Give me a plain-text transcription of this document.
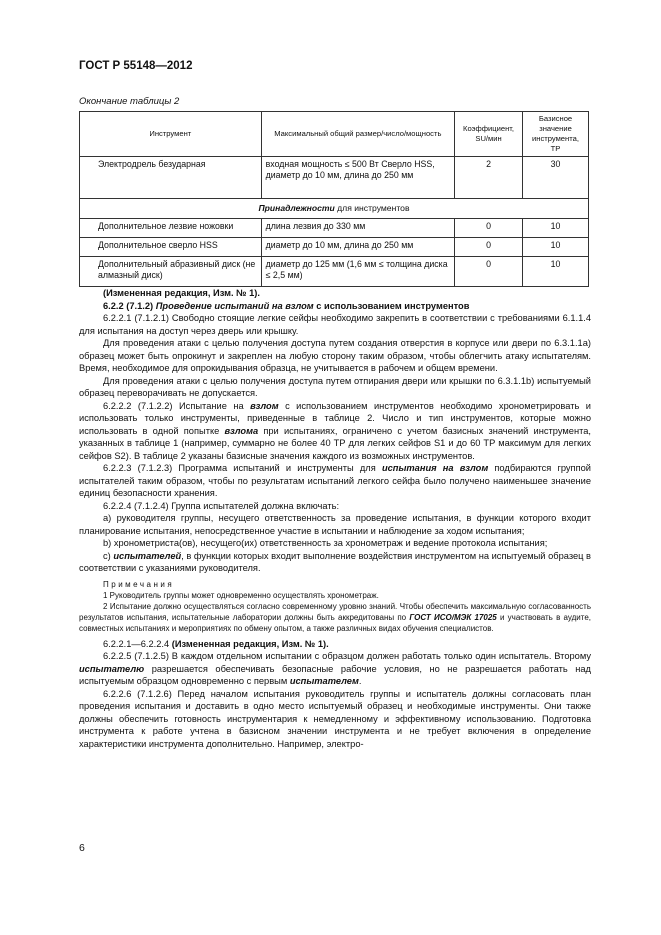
ГОСТ Р 55148—2012
Окончание таблицы 2
Инструмент	Максимальный общий размер/число/мощность	Коэффициент, SU/мин	Базисное значение инструмента, ТР
Электродрель безударная	входная мощность ≤ 500 Вт Сверло HSS, диаметр до 10 мм, длина до 250 мм	2	30
Принадлежности для инструментов			
Дополнительное лезвие ножовки	длина лезвия до 330 мм	0	10
Дополнительное сверло HSS	диаметр до 10 мм, длина до 250 мм	0	10
Дополнительный абразивный диск (не алмазный диск)	диаметр до 125 мм (1,6 мм ≤ толщина диска ≤ 2,5 мм)	0	10

(Измененная редакция, Изм. № 1).

6.2.2 (7.1.2) Проведение испытаний на взлом с использованием инструментов

6.2.2.1 (7.1.2.1) Свободно стоящие легкие сейфы необходимо закрепить в соответствии с требованиями 6.1.1.4 для испытания на доступ через дверь или крышку.

Для проведения атаки с целью получения доступа путем создания отверстия в корпусе или двери по 6.3.1.1а) образец может быть опрокинут и закреплен на любую сторону таким образом, чтобы облегчить атаку испытателям. Время, необходимое для опрокидывания образца, не учитывается в рабочем и общем времени.

Для проведения атаки с целью получения доступа путем отпирания двери или крышки по 6.3.1.1b) испытуемый образец переворачивать не допускается.

6.2.2.2 (7.1.2.2) Испытание на взлом с использованием инструментов необходимо хронометрировать и использовать только инструменты, приведенные в таблице 2. Число и тип инструментов, которые можно использовать в одной попытке взлома при испытаниях, ограничено с учетом базисных значений инструмента, указанных в таблице 1 (например, суммарно не более 40 ТР для легких сейфов S1 и до 60 ТР максимум для легких сейфов S2). В таблице 2 указаны базисные значения каждого из возможных инструментов.

6.2.2.3 (7.1.2.3) Программа испытаний и инструменты для испытания на взлом подбираются группой испытателей таким образом, чтобы по результатам испытаний легкого сейфа было получено наименьшее значение единиц безопасности хранения.

6.2.2.4 (7.1.2.4) Группа испытателей должна включать:

a) руководителя группы, несущего ответственность за проведение испытания, в функции которого входит планирование испытания, непосредственное участие в испытании и наблюдение за ходом испытания;

b) хронометриста(ов), несущего(их) ответственность за хронометраж и ведение протокола испытания;

c) испытателей, в функции которых входит выполнение воздействия инструментом на испытуемый образец в соответствии с указаниями руководителя.

Примечания

1 Руководитель группы может одновременно осуществлять хронометраж.

2 Испытание должно осуществляться согласно современному уровню знаний. Чтобы обеспечить максимальную согласованность результатов испытания, испытательные лаборатории должны быть аккредитованы по ГОСТ ИСО/МЭК 17025 и участвовать в аудите, совместных испытаниях и мероприятиях по обмену опытом, а также различных видах обучения специалистов.

6.2.2.1—6.2.2.4 (Измененная редакция, Изм. № 1).

6.2.2.5 (7.1.2.5) В каждом отдельном испытании с образцом должен работать только один испытатель. Второму испытателю разрешается обеспечивать безопасные рабочие условия, но не разрешается работать над испытуемым образцом одновременно с первым испытателем.

6.2.2.6 (7.1.2.6) Перед началом испытания руководитель группы и испытатель должны согласовать план проведения испытания и доставить в одно место испытуемый образец и необходимые инструменты. Они также должны обеспечить готовность инструментария к немедленному и эффективному использованию. Подготовка инструмента к работе учтена в базисном значении инструмента и не требует включения в определение характеристики инструмента дополнительно. Например, электро-

6
